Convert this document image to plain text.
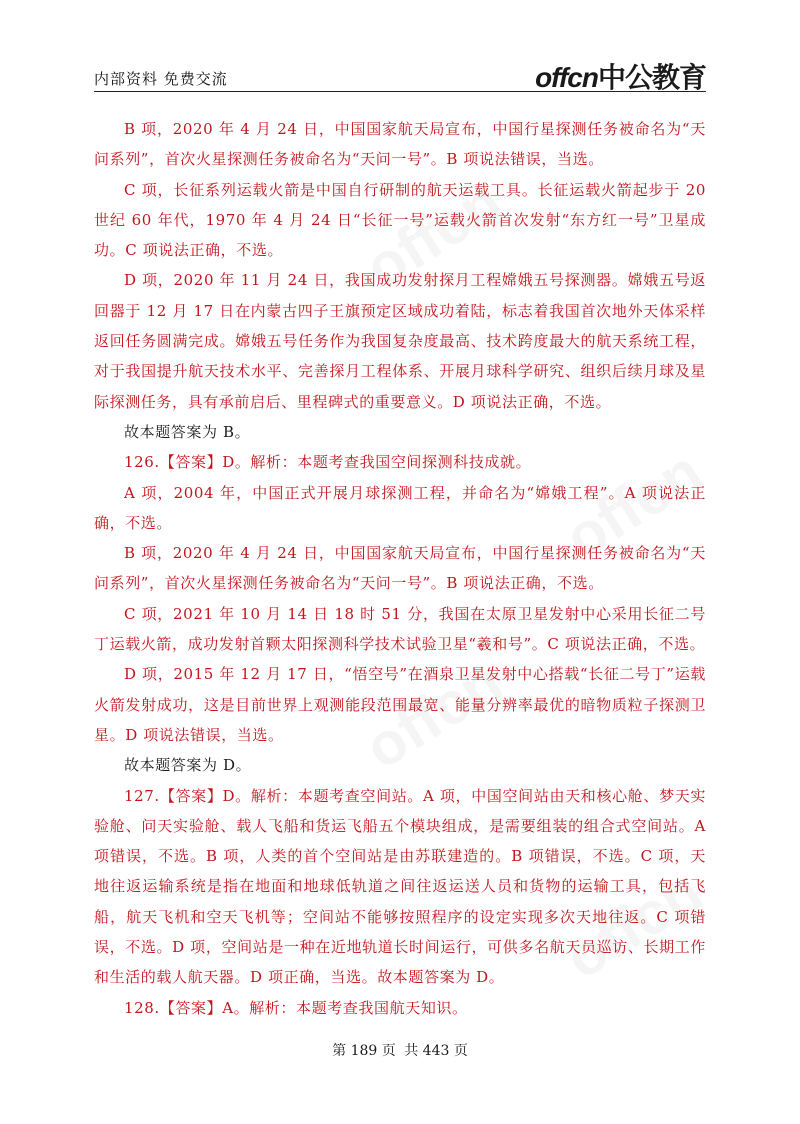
offcn
offcn
offcn
offcn
内部资料 免费交流	offcn中公教育

B 项，2020 年 4 月 24 日，中国国家航天局宣布，中国行星探测任务被命名为“天问系列”，首次火星探测任务被命名为“天问一号”。B 项说法错误，当选。

C 项，长征系列运载火箭是中国自行研制的航天运载工具。长征运载火箭起步于 20 世纪 60 年代，1970 年 4 月 24 日“长征一号”运载火箭首次发射“东方红一号”卫星成功。C 项说法正确，不选。

D 项，2020 年 11 月 24 日，我国成功发射探月工程嫦娥五号探测器。嫦娥五号返回器于 12 月 17 日在内蒙古四子王旗预定区域成功着陆，标志着我国首次地外天体采样返回任务圆满完成。嫦娥五号任务作为我国复杂度最高、技术跨度最大的航天系统工程，对于我国提升航天技术水平、完善探月工程体系、开展月球科学研究、组织后续月球及星际探测任务，具有承前启后、里程碑式的重要意义。D 项说法正确，不选。

故本题答案为 B。

126.【答案】D。解析：本题考查我国空间探测科技成就。

A 项，2004 年，中国正式开展月球探测工程，并命名为“嫦娥工程”。A 项说法正确，不选。

B 项，2020 年 4 月 24 日，中国国家航天局宣布，中国行星探测任务被命名为“天问系列”，首次火星探测任务被命名为“天问一号”。B 项说法正确，不选。

C 项，2021 年 10 月 14 日 18 时 51 分，我国在太原卫星发射中心采用长征二号丁运载火箭，成功发射首颗太阳探测科学技术试验卫星“羲和号”。C 项说法正确，不选。

D 项，2015 年 12 月 17 日，“悟空号”在酒泉卫星发射中心搭载“长征二号丁”运载火箭发射成功，这是目前世界上观测能段范围最宽、能量分辨率最优的暗物质粒子探测卫星。D 项说法错误，当选。

故本题答案为 D。

127.【答案】D。解析：本题考查空间站。A 项，中国空间站由天和核心舱、梦天实验舱、问天实验舱、载人飞船和货运飞船五个模块组成，是需要组装的组合式空间站。A 项错误，不选。B 项，人类的首个空间站是由苏联建造的。B 项错误，不选。C 项，天地往返运输系统是指在地面和地球低轨道之间往返运送人员和货物的运输工具，包括飞船，航天飞机和空天飞机等；空间站不能够按照程序的设定实现多次天地往返。C 项错误，不选。D 项，空间站是一种在近地轨道长时间运行，可供多名航天员巡访、长期工作和生活的载人航天器。D 项正确，当选。故本题答案为 D。

128.【答案】A。解析：本题考查我国航天知识。

第 189 页 共 443 页
